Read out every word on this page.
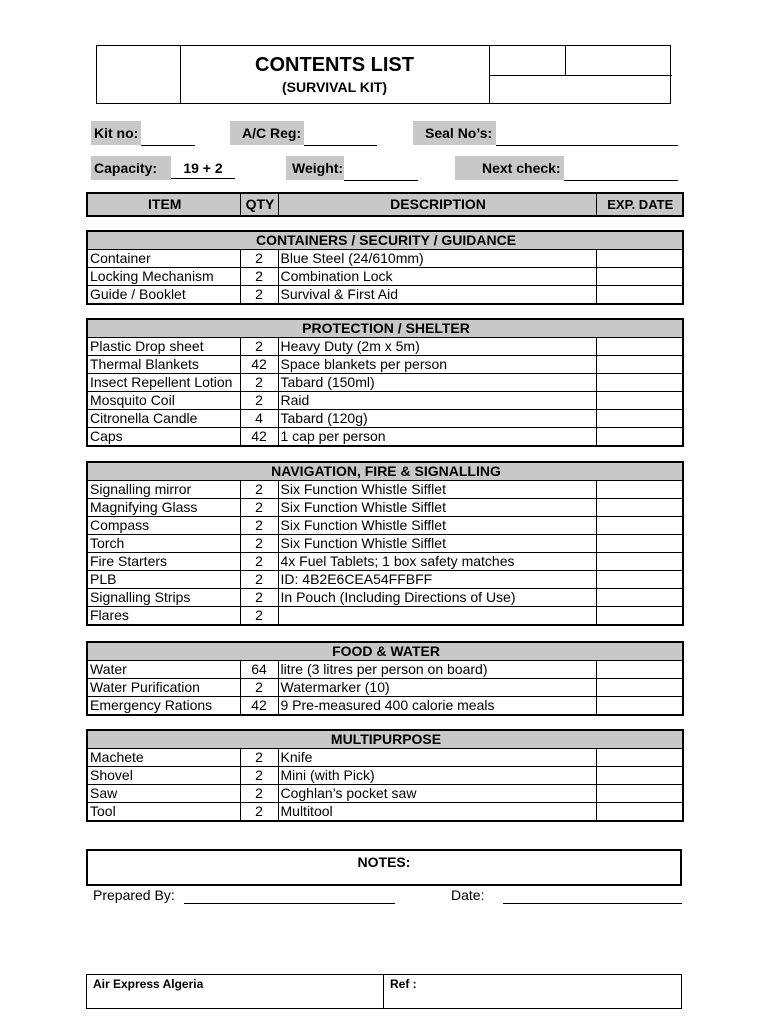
CONTENTS LIST
(SURVIVAL KIT)
Kit no:	A/C Reg:	Seal No’s:
Capacity:	19 + 2	Weight:	Next check:
ITEM	QTY	DESCRIPTION	EXP. DATE
CONTAINERS / SECURITY / GUIDANCE			
Container	2	Blue Steel (24/610mm)	
Locking Mechanism	2	Combination Lock	
Guide / Booklet	2	Survival & First Aid	
PROTECTION / SHELTER			
Plastic Drop sheet	2	Heavy Duty (2m x 5m)	
Thermal Blankets	42	Space blankets per person	
Insect Repellent Lotion	2	Tabard (150ml)	
Mosquito Coil	2	Raid	
Citronella Candle	4	Tabard (120g)	
Caps	42	1 cap per person	
NAVIGATION, FIRE & SIGNALLING			
Signalling mirror	2	Six Function Whistle Sifflet	
Magnifying Glass	2	Six Function Whistle Sifflet	
Compass	2	Six Function Whistle Sifflet	
Torch	2	Six Function Whistle Sifflet	
Fire Starters	2	4x Fuel Tablets; 1 box safety matches	
PLB	2	ID: 4B2E6CEA54FFBFF	
Signalling Strips	2	In Pouch (Including Directions of Use)	
Flares	2		
FOOD & WATER			
Water	64	litre (3 litres per person on board)	
Water Purification	2	Watermarker (10)	
Emergency Rations	42	9 Pre-measured 400 calorie meals	
MULTIPURPOSE			
Machete	2	Knife	
Shovel	2	Mini (with Pick)	
Saw	2	Coghlan’s pocket saw	
Tool	2	Multitool	
NOTES:
Prepared By:	Date:
Air Express Algeria	Ref :
